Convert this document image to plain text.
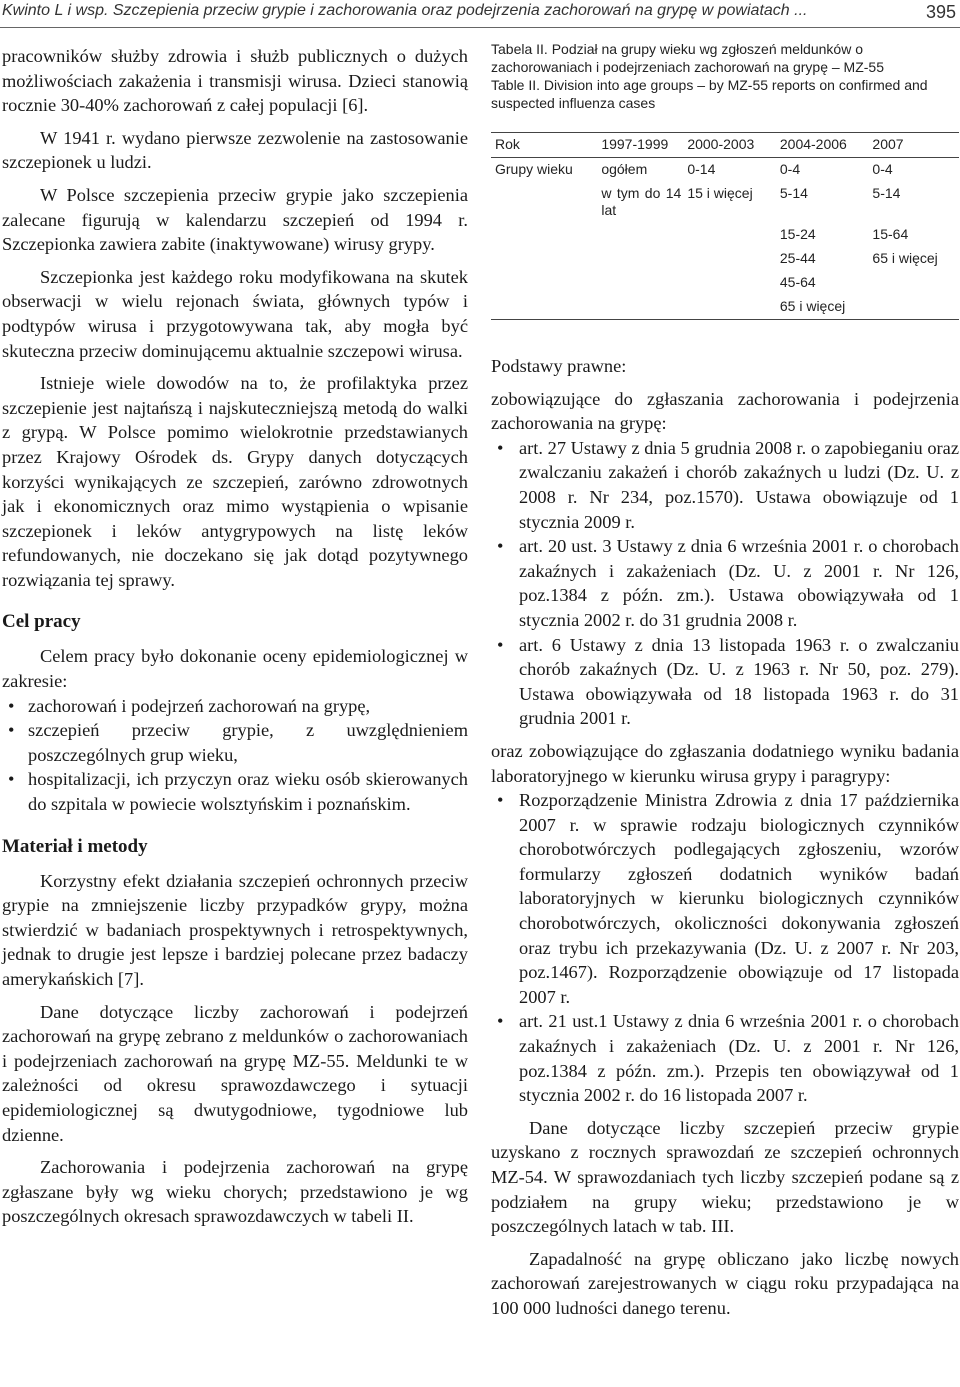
Kwinto L i wsp. Szczepienia przeciw grypie i zachorowania oraz podejrzenia zachorowań na grypę w powiatach ...	395

pracowników służby zdrowia i służb publicznych o dużych możliwościach zakażenia i transmisji wirusa. Dzieci stanowią rocznie 30-40% zachorowań z całej populacji [6].

W 1941 r. wydano pierwsze zezwolenie na zastosowanie szczepionek u ludzi.

W Polsce szczepienia przeciw grypie jako szczepienia zalecane figurują w kalendarzu szczepień od 1994 r. Szczepionka zawiera zabite (inaktywowane) wirusy grypy.

Szczepionka jest każdego roku modyfikowana na skutek obserwacji w wielu rejonach świata, głównych typów i podtypów wirusa i przygotowywana tak, aby mogła być skuteczna przeciw dominującemu aktualnie szczepowi wirusa.

Istnieje wiele dowodów na to, że profilaktyka przez szczepienie jest najtańszą i najskuteczniejszą metodą do walki z grypą. W Polsce pomimo wielokrotnie przedstawianych przez Krajowy Ośrodek ds. Grypy danych dotyczących korzyści wynikających ze szczepień, zarówno zdrowotnych jak i ekonomicznych oraz mimo wystąpienia o wpisanie szczepionek i leków antygrypowych na listę leków refundowanych, nie doczekano się jak dotąd pozytywnego rozwiązania tej sprawy.

Cel pracy

Celem pracy było dokonanie oceny epidemiologicznej w zakresie:

• zachorowań i podejrzeń zachorowań na grypę,
• szczepień przeciw grypie, z uwzględnieniem poszczególnych grup wieku,
• hospitalizacji, ich przyczyn oraz wieku osób skierowanych do szpitala w powiecie wolsztyńskim i poznańskim.
Materiał i metody

Korzystny efekt działania szczepień ochronnych przeciw grypie na zmniejszenie liczby przypadków grypy, można stwierdzić w badaniach prospektywnych i retrospektywnych, jednak to drugie jest lepsze i bardziej polecane przez badaczy amerykańskich [7].

Dane dotyczące liczby zachorowań i podejrzeń zachorowań na grypę zebrano z meldunków o zachorowaniach i podejrzeniach zachorowań na grypę MZ-55. Meldunki te w zależności od okresu sprawozdawczego i sytuacji epidemiologicznej są dwutygodniowe, tygodniowe lub dzienne.

Zachorowania i podejrzenia zachorowań na grypę zgłaszane były wg wieku chorych; przedstawiono je wg poszczególnych okresach sprawozdawczych w tabeli II.

Tabela II. Podział na grupy wieku wg zgłoszeń meldunków o zachorowaniach i podejrzeniach zachorowań na grypę – MZ-55
Table II. Division into age groups – by MZ-55 reports on confirmed and suspected influenza cases
Rok	1997-1999	2000-2003	2004-2006	2007
Grupy wieku	ogółem	0-14	0-4	0-4
	w tym do 14 lat	15 i więcej	5-14	5-14
			15-24	15-64
			25-44	65 i więcej
			45-64	
			65 i więcej	

Podstawy prawne:

zobowiązujące do zgłaszania zachorowania i podejrzenia zachorowania na grypę:

• art. 27 Ustawy z dnia 5 grudnia 2008 r. o zapobieganiu oraz zwalczaniu zakażeń i chorób zakaźnych u ludzi (Dz. U. z 2008 r. Nr 234, poz.1570). Ustawa obowiązuje od 1 stycznia 2009 r.
• art. 20 ust. 3 Ustawy z dnia 6 września 2001 r. o chorobach zakaźnych i zakażeniach (Dz. U. z 2001 r. Nr 126, poz.1384 z późn. zm.). Ustawa obowiązywała od 1 stycznia 2002 r. do 31 grudnia 2008 r.
• art. 6 Ustawy z dnia 13 listopada 1963 r. o zwalczaniu chorób zakaźnych (Dz. U. z 1963 r. Nr 50, poz. 279). Ustawa obowiązywała od 18 listopada 1963 r. do 31 grudnia 2001 r.

oraz zobowiązujące do zgłaszania dodatniego wyniku badania laboratoryjnego w kierunku wirusa grypy i paragrypy:

• Rozporządzenie Ministra Zdrowia z dnia 17 października 2007 r. w sprawie rodzaju biologicznych czynników chorobotwórczych podlegających zgłoszeniu, wzorów formularzy zgłoszeń dodatnich wyników badań laboratoryjnych w kierunku biologicznych czynników chorobotwórczych, okoliczności dokonywania zgłoszeń oraz trybu ich przekazywania (Dz. U. z 2007 r. Nr 203, poz.1467). Rozporządzenie obowiązuje od 17 listopada 2007 r.
• art. 21 ust.1 Ustawy z dnia 6 września 2001 r. o chorobach zakaźnych i zakażeniach (Dz. U. z 2001 r. Nr 126, poz.1384 z późn. zm.). Przepis ten obowiązywał od 1 stycznia 2002 r. do 16 listopada 2007 r.

Dane dotyczące liczby szczepień przeciw grypie uzyskano z rocznych sprawozdań ze szczepień ochronnych MZ-54. W sprawozdaniach tych liczby szczepień podane są z podziałem na grupy wieku; przedstawiono je w poszczególnych latach w tab. III.

Zapadalność na grypę obliczano jako liczbę nowych zachorowań zarejestrowanych w ciągu roku przypadająca na 100 000 ludności danego terenu.
